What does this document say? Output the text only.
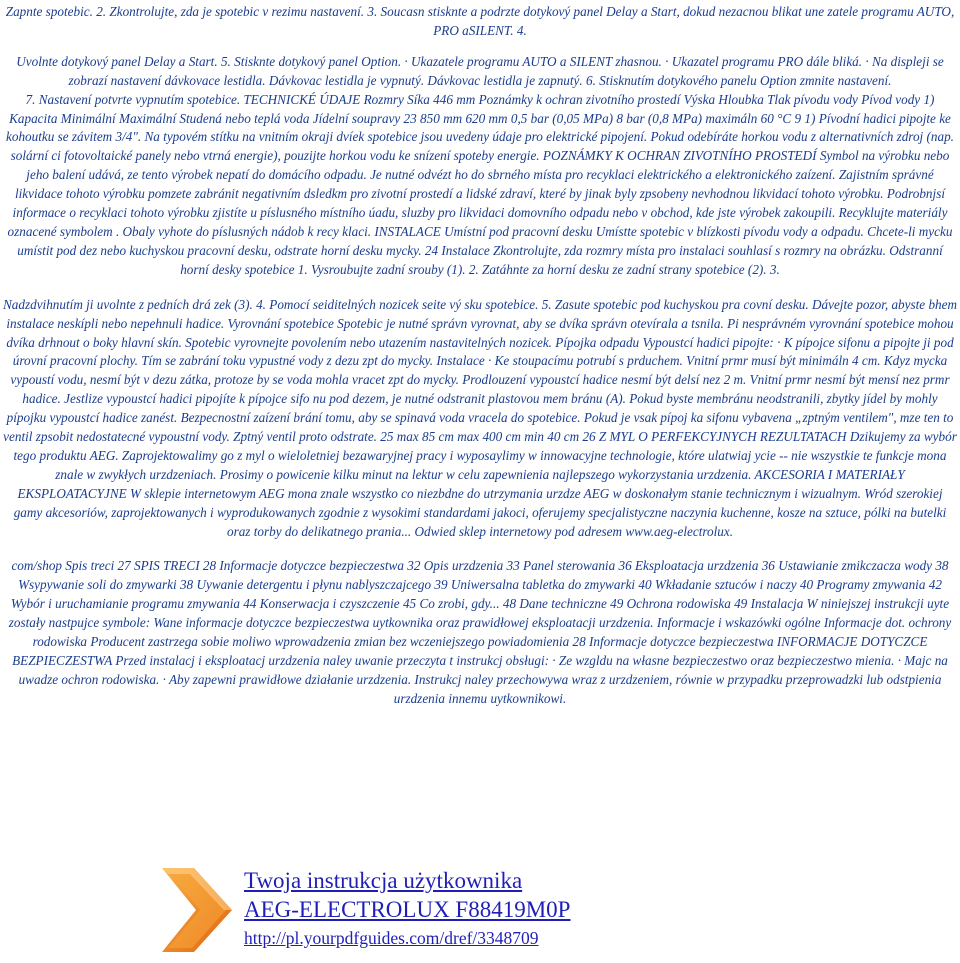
Zapnte spotebic. 2. Zkontrolujte, zda je spotebic v rezimu nastavení. 3. Soucasn stisknte a podrzte dotykový panel Delay a Start, dokud nezacnou blikat une zatele programu AUTO, PRO aSILENT. 4.

Uvolnte dotykový panel Delay a Start. 5. Stisknte dotykový panel Option. · Ukazatele programu AUTO a SILENT zhasnou. · Ukazatel programu PRO dále bliká. · Na displeji se zobrazí nastavení dávkovace lestidla. Dávkovac lestidla je vypnutý. Dávkovac lestidla je zapnutý. 6. Stisknutím dotykového panelu Option zmnite nastavení.

7. Nastavení potvrte vypnutím spotebice. TECHNICKÉ ÚDAJE Rozmry Síka 446 mm Poznámky k ochran zivotního prostedí Výska Hloubka Tlak pívodu vody Pívod vody 1) Kapacita Minimální Maximální Studená nebo teplá voda Jídelní soupravy 23 850 mm 620 mm 0,5 bar (0,05 MPa) 8 bar (0,8 MPa) maximáln 60 °C 9 1) Pívodní hadici pipojte ke kohoutku se závitem 3/4". Na typovém stítku na vnitním okraji dvíek spotebice jsou uvedeny údaje pro elektrické pipojení. Pokud odebíráte horkou vodu z alternativních zdroj (nap. solární ci fotovoltaické panely nebo vtrná energie), pouzijte horkou vodu ke snízení spoteby energie. POZNÁMKY K OCHRAN ZIVOTNÍHO PROSTEDÍ Symbol na výrobku nebo jeho balení udává, ze tento výrobek nepatí do domácího odpadu. Je nutné odvézt ho do sbrného místa pro recyklaci elektrického a elektronického zaízení. Zajistním správné likvidace tohoto výrobku pomzete zabránit negativním dsledkm pro zivotní prostedí a lidské zdraví, které by jinak byly zpsobeny nevhodnou likvidací tohoto výrobku. Podrobnjsí informace o recyklaci tohoto výrobku zjistíte u píslusného místního úadu, sluzby pro likvidaci domovního odpadu nebo v obchod, kde jste výrobek zakoupili. Recyklujte materiály oznacené symbolem . Obaly vyhote do píslusných nádob k recy klaci. INSTALACE Umístní pod pracovní desku Umístte spotebic v blízkosti pívodu vody a odpadu. Chcete-li mycku umístit pod dez nebo kuchyskou pracovní desku, odstrate horní desku mycky. 24 Instalace Zkontrolujte, zda rozmry místa pro instalaci souhlasí s rozmry na obrázku. Odstranní horní desky spotebice 1. Vysroubujte zadní srouby (1). 2. Zatáhnte za horní desku ze zadní strany spotebice (2). 3.

Nadzdvihnutím ji uvolnte z pedních drá zek (3). 4. Pomocí seiditelných nozicek seite vý sku spotebice. 5. Zasute spotebic pod kuchyskou pra covní desku. Dávejte pozor, abyste bhem instalace neskípli nebo nepehnuli hadice. Vyrovnání spotebice Spotebic je nutné správn vyrovnat, aby se dvíka správn otevírala a tsnila. Pi nesprávném vyrovnání spotebice mohou dvíka drhnout o boky hlavní skín. Spotebic vyrovnejte povolením nebo utazením nastavitelných nozicek. Pípojka odpadu Vypoustcí hadici pipojte: · K pípojce sifonu a pipojte ji pod úrovní pracovní plochy. Tím se zabrání toku vypustné vody z dezu zpt do mycky. Instalace · Ke stoupacímu potrubí s prduchem. Vnitní prmr musí být minimáln 4 cm. Kdyz mycka vypoustí vodu, nesmí být v dezu zátka, protoze by se voda mohla vracet zpt do mycky. Prodlouzení vypoustcí hadice nesmí být delsí nez 2 m. Vnitní prmr nesmí být mensí nez prmr hadice. Jestlize vypoustcí hadici pipojíte k pípojce sifo nu pod dezem, je nutné odstranit plastovou mem bránu (A). Pokud byste membránu neodstranili, zbytky jídel by mohly pípojku vypoustcí hadice zanést. Bezpecnostní zaízení brání tomu, aby se spinavá voda vracela do spotebice. Pokud je vsak pípoj ka sifonu vybavena „zptným ventilem", mze ten to ventil zpsobit nedostatecné vypoustní vody. Zptný ventil proto odstrate. 25 max 85 cm max 400 cm min 40 cm 26 Z MYL O PERFEKCYJNYCH REZULTATACH Dzikujemy za wybór tego produktu AEG. Zaprojektowalimy go z myl o wieloletniej bezawaryjnej pracy i wyposaylimy w innowacyjne technologie, które ulatwiaj ycie -- nie wszystkie te funkcje mona znale w zwykłych urzdzeniach. Prosimy o powicenie kilku minut na lektur w celu zapewnienia najlepszego wykorzystania urzdzenia. AKCESORIA I MATERIAŁY EKSPLOATACYJNE W sklepie internetowym AEG mona znale wszystko co niezbdne do utrzymania urzdze AEG w doskonałym stanie technicznym i wizualnym. Wród szerokiej gamy akcesoriów, zaprojektowanych i wyprodukowanych zgodnie z wysokimi standardami jakoci, oferujemy specjalistyczne naczynia kuchenne, kosze na sztuce, pólki na butelki oraz torby do delikatnego prania... Odwied sklep internetowy pod adresem www.aeg-electrolux.

com/shop Spis treci 27 SPIS TRECI 28 Informacje dotyczce bezpieczestwa 32 Opis urzdzenia 33 Panel sterowania 36 Eksploatacja urzdzenia 36 Ustawianie zmikczacza wody 38 Wsypywanie soli do zmywarki 38 Uywanie detergentu i płynu nablyszczajcego 39 Uniwersalna tabletka do zmywarki 40 Wkładanie sztuców i naczy 40 Programy zmywania 42 Wybór i uruchamianie programu zmywania 44 Konserwacja i czyszczenie 45 Co zrobi, gdy... 48 Dane techniczne 49 Ochrona rodowiska 49 Instalacja W niniejszej instrukcji uyte zostały nastpujce symbole: Wane informacje dotyczce bezpieczestwa uytkownika oraz prawidłowej eksploatacji urzdzenia. Informacje i wskazówki ogólne Informacje dot. ochrony rodowiska Producent zastrzega sobie moliwo wprowadzenia zmian bez wczeniejszego powiadomienia 28 Informacje dotyczce bezpieczestwa INFORMACJE DOTYCZCE BEZPIECZESTWA Przed instalacj i eksploatacj urzdzenia naley uwanie przeczyta t instrukcj obsługi: · Ze wzgldu na własne bezpieczestwo oraz bezpieczestwo mienia. · Majc na uwadze ochron rodowiska. · Aby zapewni prawidłowe działanie urzdzenia. Instrukcj naley przechowywa wraz z urzdzeniem, równie w przypadku przeprowadzki lub odstpienia urzdzenia innemu uytkownikowi.

Twoja instrukcja użytkownika
AEG-ELECTROLUX F88419M0P
http://pl.yourpdfguides.com/dref/3348709
